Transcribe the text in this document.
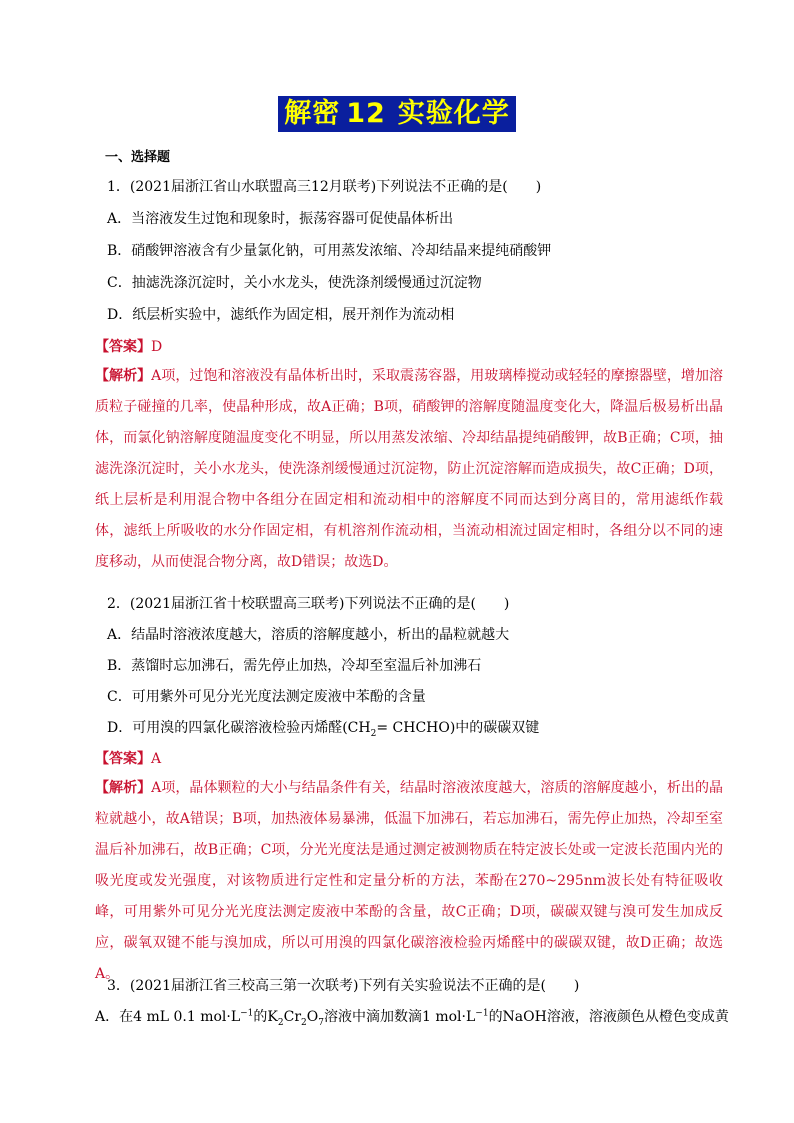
解密 12 实验化学
一、选择题
1．(2021届浙江省山水联盟高三12月联考)下列说法不正确的是(　　)
A．当溶液发生过饱和现象时，振荡容器可促使晶体析出
B．硝酸钾溶液含有少量氯化钠，可用蒸发浓缩、冷却结晶来提纯硝酸钾
C．抽滤洗涤沉淀时，关小水龙头，使洗涤剂缓慢通过沉淀物
D．纸层析实验中，滤纸作为固定相，展开剂作为流动相
【答案】D
【解析】A项，过饱和溶液没有晶体析出时，采取震荡容器，用玻璃棒搅动或轻轻的摩擦器壁，增加溶质粒子碰撞的几率，使晶种形成，故A正确；B项，硝酸钾的溶解度随温度变化大，降温后极易析出晶体，而氯化钠溶解度随温度变化不明显，所以用蒸发浓缩、冷却结晶提纯硝酸钾，故B正确；C项，抽滤洗涤沉淀时，关小水龙头，使洗涤剂缓慢通过沉淀物，防止沉淀溶解而造成损失，故C正确；D项，纸上层析是利用混合物中各组分在固定相和流动相中的溶解度不同而达到分离目的，常用滤纸作载体，滤纸上所吸收的水分作固定相，有机溶剂作流动相，当流动相流过固定相时，各组分以不同的速度移动，从而使混合物分离，故D错误；故选D。
2．(2021届浙江省十校联盟高三联考)下列说法不正确的是(　　)
A．结晶时溶液浓度越大，溶质的溶解度越小，析出的晶粒就越大
B．蒸馏时忘加沸石，需先停止加热，冷却至室温后补加沸石
C．可用紫外可见分光光度法测定废液中苯酚的含量
D．可用溴的四氯化碳溶液检验丙烯醛($CH_2=$ CHCHO)中的碳碳双键
【答案】A
【解析】A项，晶体颗粒的大小与结晶条件有关，结晶时溶液浓度越大，溶质的溶解度越小，析出的晶粒就越小，故A错误；B项，加热液体易暴沸，低温下加沸石，若忘加沸石，需先停止加热，冷却至室温后补加沸石，故B正确；C项，分光光度法是通过测定被测物质在特定波长处或一定波长范围内光的吸光度或发光强度，对该物质进行定性和定量分析的方法，苯酚在270~295nm波长处有特征吸收峰，可用紫外可见分光光度法测定废液中苯酚的含量，故C正确；D项，碳碳双键与溴可发生加成反应，碳氧双键不能与溴加成，所以可用溴的四氯化碳溶液检验丙烯醛中的碳碳双键，故D正确；故选A。
3．(2021届浙江省三校高三第一次联考)下列有关实验说法不正确的是(　　)
A．在4 mL 0.1 $mol\cdot L^{-1}$的$K_2Cr_2O_7$溶液中滴加数滴1 $mol\cdot L^{-1}$的NaOH溶液，溶液颜色从橙色变成黄
